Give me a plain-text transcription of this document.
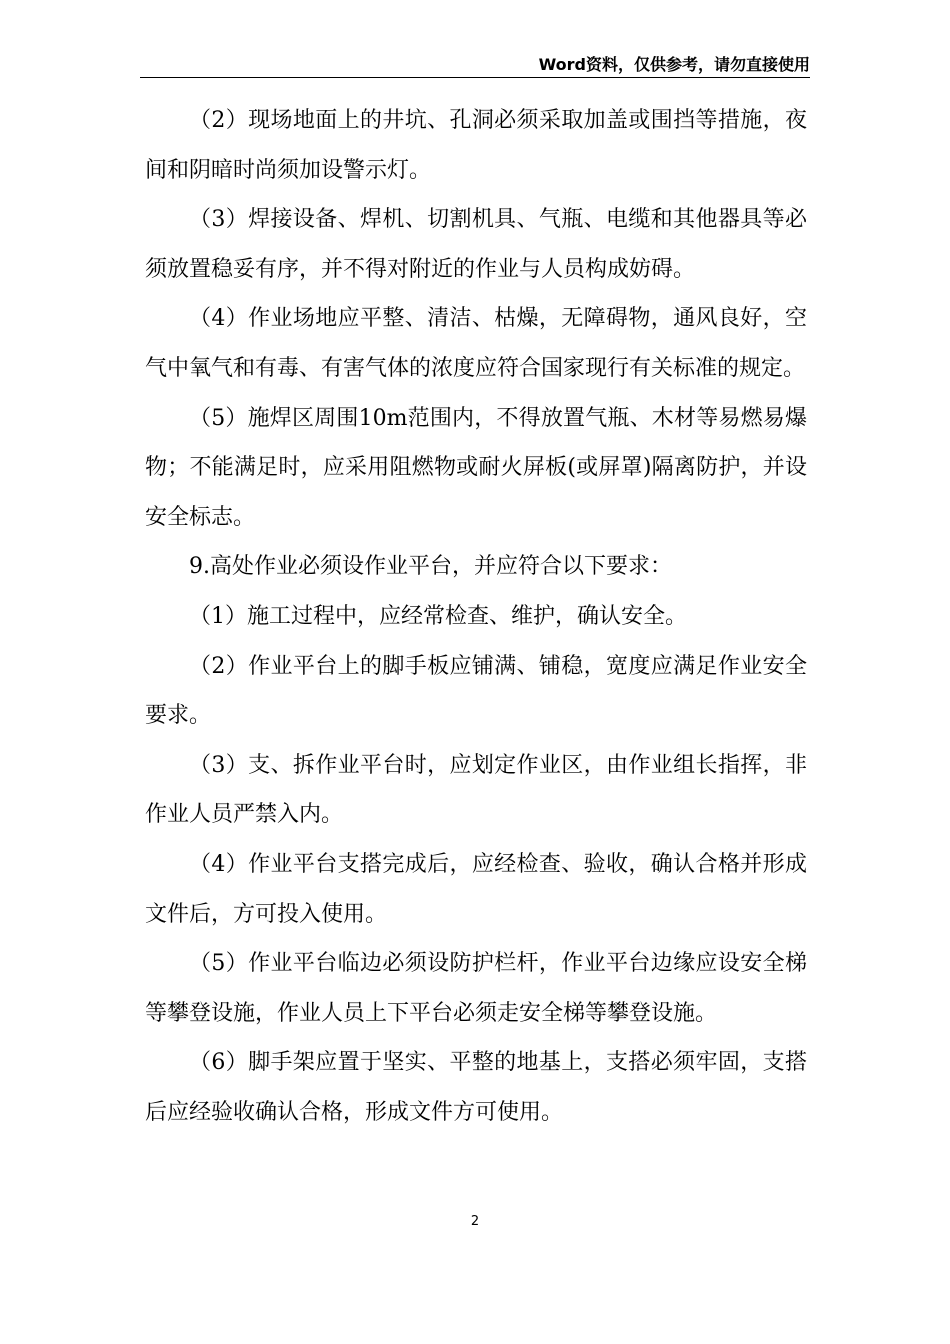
Word资料，仅供参考，请勿直接使用

（2）现场地面上的井坑、孔洞必须采取加盖或围挡等措施，夜间和阴暗时尚须加设警示灯。

（3）焊接设备、焊机、切割机具、气瓶、电缆和其他器具等必须放置稳妥有序，并不得对附近的作业与人员构成妨碍。

（4）作业场地应平整、清洁、枯燥，无障碍物，通风良好，空气中氧气和有毒、有害气体的浓度应符合国家现行有关标准的规定。

（5）施焊区周围10m范围内，不得放置气瓶、木材等易燃易爆物；不能满足时，应采用阻燃物或耐火屏板(或屏罩)隔离防护，并设安全标志。

9.高处作业必须设作业平台，并应符合以下要求：

（1）施工过程中，应经常检查、维护，确认安全。

（2）作业平台上的脚手板应铺满、铺稳，宽度应满足作业安全要求。

（3）支、拆作业平台时，应划定作业区，由作业组长指挥，非作业人员严禁入内。

（4）作业平台支搭完成后，应经检查、验收，确认合格并形成文件后，方可投入使用。

（5）作业平台临边必须设防护栏杆，作业平台边缘应设安全梯等攀登设施，作业人员上下平台必须走安全梯等攀登设施。

（6）脚手架应置于坚实、平整的地基上，支搭必须牢固，支搭后应经验收确认合格，形成文件方可使用。

2
